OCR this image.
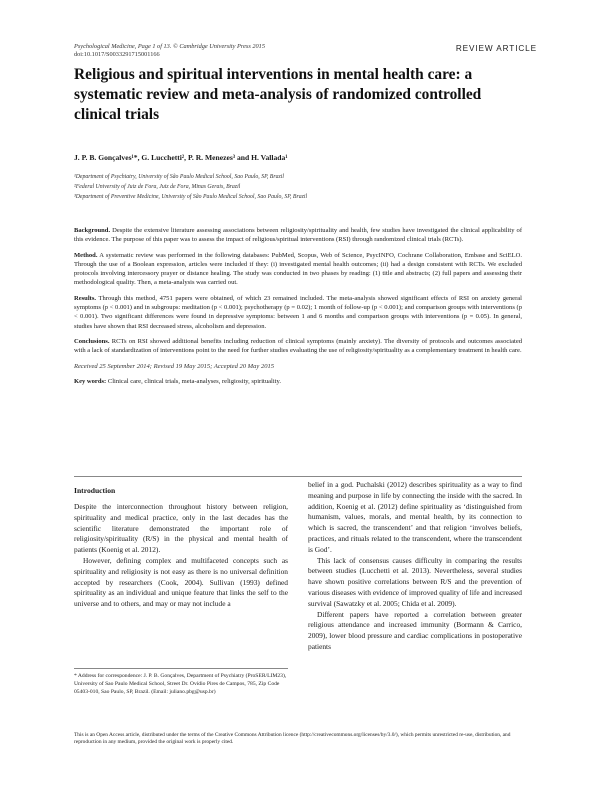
Psychological Medicine, Page 1 of 13. © Cambridge University Press 2015
doi:10.1017/S0033291715001166
REVIEW ARTICLE
Religious and spiritual interventions in mental health care: a systematic review and meta-analysis of randomized controlled clinical trials
J. P. B. Gonçalves¹*, G. Lucchetti², P. R. Menezes³ and H. Vallada¹
¹Department of Psychiatry, University of São Paulo Medical School, Sao Paulo, SP, Brazil
²Federal University of Juiz de Fora, Juiz de Fora, Minas Gerais, Brazil
³Department of Preventive Medicine, University of São Paulo Medical School, Sao Paulo, SP, Brazil

Background. Despite the extensive literature assessing associations between religiosity/spirituality and health, few studies have investigated the clinical applicability of this evidence. The purpose of this paper was to assess the impact of religious/spiritual interventions (RSI) through randomized clinical trials (RCTs).

Method. A systematic review was performed in the following databases: PubMed, Scopus, Web of Science, PsycINFO, Cochrane Collaboration, Embase and SciELO. Through the use of a Boolean expression, articles were included if they: (i) investigated mental health outcomes; (ii) had a design consistent with RCTs. We excluded protocols involving intercessory prayer or distance healing. The study was conducted in two phases by reading: (1) title and abstracts; (2) full papers and assessing their methodological quality. Then, a meta-analysis was carried out.

Results. Through this method, 4751 papers were obtained, of which 23 remained included. The meta-analysis showed significant effects of RSI on anxiety general symptoms (p < 0.001) and in subgroups: meditation (p < 0.001); psychotherapy (p = 0.02); 1 month of follow-up (p < 0.001); and comparison groups with interventions (p < 0.001). Two significant differences were found in depressive symptoms: between 1 and 6 months and comparison groups with interventions (p = 0.05). In general, studies have shown that RSI decreased stress, alcoholism and depression.

Conclusions. RCTs on RSI showed additional benefits including reduction of clinical symptoms (mainly anxiety). The diversity of protocols and outcomes associated with a lack of standardization of interventions point to the need for further studies evaluating the use of religiosity/spirituality as a complementary treatment in health care.

Received 25 September 2014; Revised 19 May 2015; Accepted 20 May 2015

Key words: Clinical care, clinical trials, meta-analyses, religiosity, spirituality.

Introduction

Despite the interconnection throughout history between religion, spirituality and medical practice, only in the last decades has the scientific literature demonstrated the important role of religiosity/spirituality (R/S) in the physical and mental health of patients (Koenig et al. 2012).

However, defining complex and multifaceted concepts such as spirituality and religiosity is not easy as there is no universal definition accepted by researchers (Cook, 2004). Sullivan (1993) defined spirituality as an individual and unique feature that links the self to the universe and to others, and may or may not include a

belief in a god. Puchalski (2012) describes spirituality as a way to find meaning and purpose in life by connecting the inside with the sacred. In addition, Koenig et al. (2012) define spirituality as ‘distinguished from humanism, values, morals, and mental health, by its connection to which is sacred, the transcendent’ and that religion ‘involves beliefs, practices, and rituals related to the transcendent, where the transcendent is God’.

This lack of consensus causes difficulty in comparing the results between studies (Lucchetti et al. 2013). Nevertheless, several studies have shown positive correlations between R/S and the prevention of various diseases with evidence of improved quality of life and increased survival (Sawatzky et al. 2005; Chida et al. 2009).

Different papers have reported a correlation between greater religious attendance and increased immunity (Bormann & Carrico, 2009), lower blood pressure and cardiac complications in postoperative patients

* Address for correspondence: J. P. B. Gonçalves, Department of Psychiatry (ProSER/LIM23), University of Sao Paulo Medical School, Street Dr. Ovídio Pires de Campos, 785, Zip Code 05403-010, Sao Paulo, SP, Brazil. (Email: juliano.pbg@usp.br)
This is an Open Access article, distributed under the terms of the Creative Commons Attribution licence (http://creativecommons.org/licenses/by/3.0/), which permits unrestricted re-use, distribution, and reproduction in any medium, provided the original work is properly cited.
